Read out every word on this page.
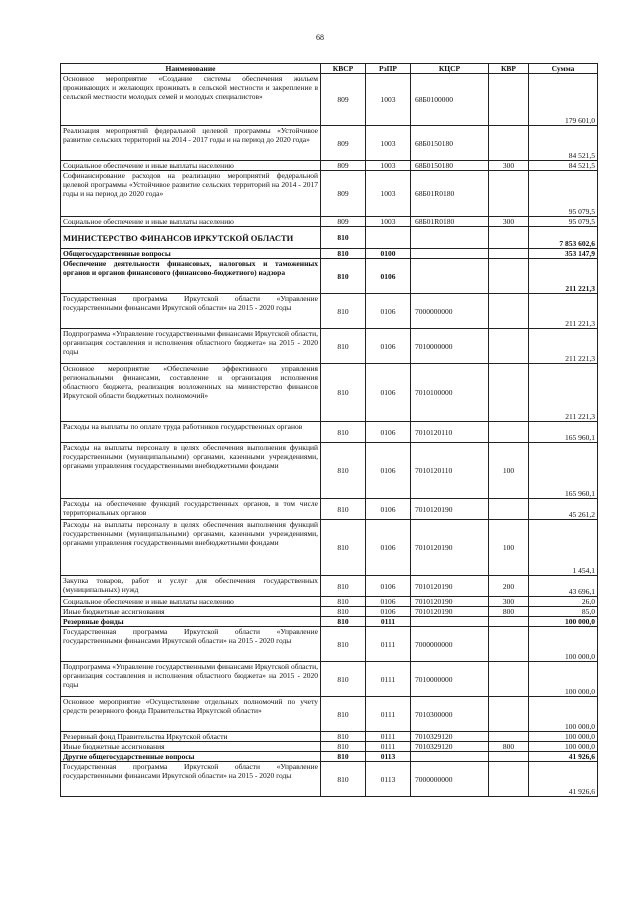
68
Наименование	КВСР	РзПР	КЦСР	КВР	Сумма
Основное мероприятие «Создание системы обеспечения жильем проживающих и желающих проживать в сельской местности и закрепление в сельской местности молодых семей и молодых специалистов»	809	1003	68Б0100000		179 601,0
Реализация мероприятий федеральной целевой программы «Устойчивое развитие сельских территорий на 2014 - 2017 годы и на период до 2020 года»	809	1003	68Б0150180		84 521,5
Социальное обеспечение и иные выплаты населению	809	1003	68Б0150180	300	84 521,5
Софинансирование расходов на реализацию мероприятий федеральной целевой программы «Устойчивое развитие сельских территорий на 2014 - 2017 годы и на период до 2020 года»	809	1003	68Б01R0180		95 079,5
Социальное обеспечение и иные выплаты населению	809	1003	68Б01R0180	300	95 079,5
МИНИСТЕРСТВО ФИНАНСОВ ИРКУТСКОЙ ОБЛАСТИ	810				7 853 602,6
Общегосударственные вопросы	810	0100			353 147,9
Обеспечение деятельности финансовых, налоговых и таможенных органов и органов финансового (финансово-бюджетного) надзора	810	0106			211 221,3
Государственная программа Иркутской области «Управление государственными финансами Иркутской области» на 2015 - 2020 годы	810	0106	7000000000		211 221,3
Подпрограмма «Управление государственными финансами Иркутской области, организация составления и исполнения областного бюджета» на 2015 - 2020 годы	810	0106	7010000000		211 221,3
Основное мероприятие «Обеспечение эффективного управления региональными финансами, составление и организация исполнения областного бюджета, реализация возложенных на министерство финансов Иркутской области бюджетных полномочий»	810	0106	7010100000		211 221,3
Расходы на выплаты по оплате труда работников государственных органов	810	0106	7010120110		165 960,1
Расходы на выплаты персоналу в целях обеспечения выполнения функций государственными (муниципальными) органами, казенными учреждениями, органами управления государственными внебюджетными фондами	810	0106	7010120110	100	165 960,1
Расходы на обеспечение функций государственных органов, в том числе территориальных органов	810	0106	7010120190		45 261,2
Расходы на выплаты персоналу в целях обеспечения выполнения функций государственными (муниципальными) органами, казенными учреждениями, органами управления государственными внебюджетными фондами	810	0106	7010120190	100	1 454,1
Закупка товаров, работ и услуг для обеспечения государственных (муниципальных) нужд	810	0106	7010120190	200	43 696,1
Социальное обеспечение и иные выплаты населению	810	0106	7010120190	300	26,0
Иные бюджетные ассигнования	810	0106	7010120190	800	85,0
Резервные фонды	810	0111			100 000,0
Государственная программа Иркутской области «Управление государственными финансами Иркутской области» на 2015 - 2020 годы	810	0111	7000000000		100 000,0
Подпрограмма «Управление государственными финансами Иркутской области, организация составления и исполнения областного бюджета» на 2015 - 2020 годы	810	0111	7010000000		100 000,0
Основное мероприятие «Осуществление отдельных полномочий по учету средств резервного фонда Правительства Иркутской области»	810	0111	7010300000		100 000,0
Резервный фонд Правительства Иркутской области	810	0111	7010329120		100 000,0
Иные бюджетные ассигнования	810	0111	7010329120	800	100 000,0
Другие общегосударственные вопросы	810	0113			41 926,6
Государственная программа Иркутской области «Управление государственными финансами Иркутской области» на 2015 - 2020 годы	810	0113	7000000000		41 926,6
